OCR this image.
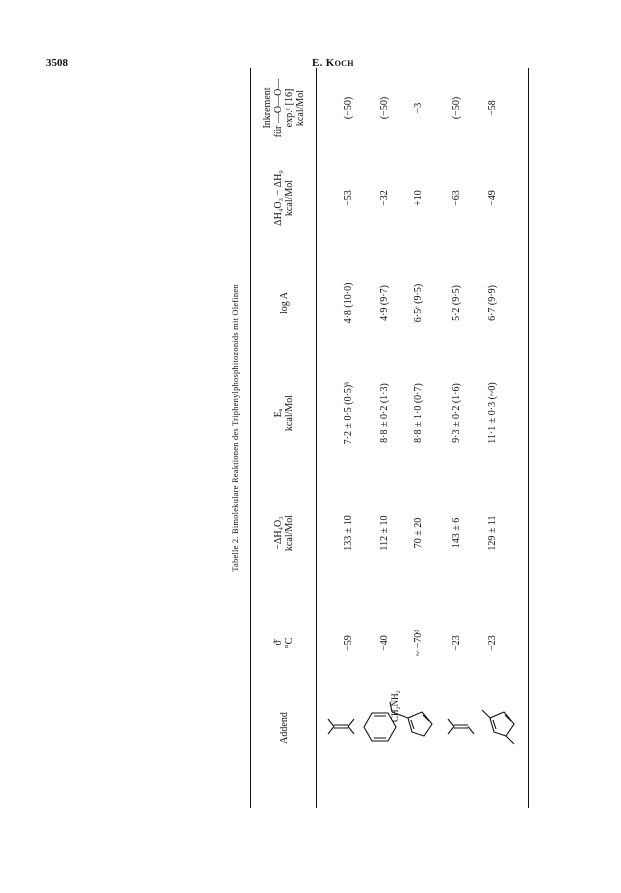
3508	E. KOCH
Tabelle 2. Bimolekulare Reaktionen des Triphenylphosphitozonids mit Olefinen
Addend
ϑ̄ °C
−ΔH₄O₃ kcal/Mol
Eₐ kcal/Mol
log A
ΔH₄O₃ − ΔH₀ kcal/Mol
Inkrement für —O—O— exp.ᶜ [16] kcal/Mol
CH₂NH₂
−59
133 ± 10
7·2 ± 0·5 (0·5)ᵇ
4·8 (10·0)
−53
(−50)
−40
112 ± 10
8·8 ± 0·2 (1·3)
4·9 (9·7)
−32
(−50)
~ −70ᵈ
70 ± 20
8·8 ± 1·0 (0·7)
6·5ᵉ (9·5)
+10
−3
−23
143 ± 6
9·3 ± 0·2 (1·6)
5·2 (9·5)
−63
(−50)
−23
129 ± 11
11·1 ± 0·3 (~0)
6·7 (9·9)
−49
−58
